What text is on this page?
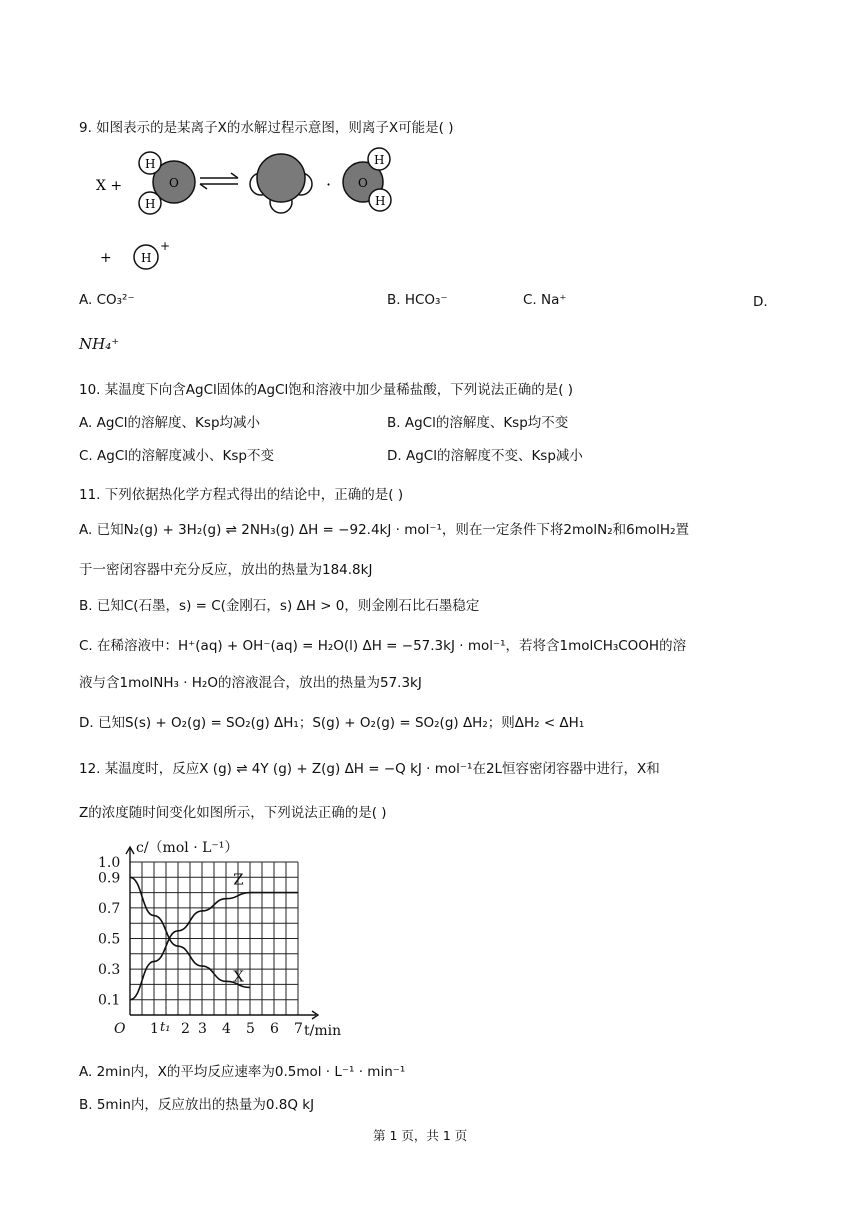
9. 如图表示的是某离子X的水解过程示意图，则离子X可能是( )
X +
H
H
O	·
H
H
O
+ H
+
A. CO₃²⁻	B. HCO₃⁻	C. Na⁺	D.
NH₄⁺
10. 某温度下向含AgCl固体的AgCl饱和溶液中加少量稀盐酸，下列说法正确的是( )
A. AgCl的溶解度、Ksp均减小	B. AgCl的溶解度、Ksp均不变
C. AgCl的溶解度减小、Ksp不变	D. AgCl的溶解度不变、Ksp减小
11. 下列依据热化学方程式得出的结论中，正确的是( )
A. 已知N₂(g) + 3H₂(g) ⇌ 2NH₃(g) ΔH = −92.4kJ · mol⁻¹，则在一定条件下将2molN₂和6molH₂置
于一密闭容器中充分反应，放出的热量为184.8kJ
B. 已知C(石墨，s) = C(金刚石，s) ΔH > 0，则金刚石比石墨稳定
C. 在稀溶液中：H⁺(aq) + OH⁻(aq) = H₂O(l) ΔH = −57.3kJ · mol⁻¹，若将含1molCH₃COOH的溶
液与含1molNH₃ · H₂O的溶液混合，放出的热量为57.3kJ
D. 已知S(s) + O₂(g) = SO₂(g) ΔH₁；S(g) + O₂(g) = SO₂(g) ΔH₂；则ΔH₂ < ΔH₁
12. 某温度时，反应X (g) ⇌ 4Y (g) + Z(g) ΔH = −Q kJ · mol⁻¹在2L恒容密闭容器中进行，X和
Z的浓度随时间变化如图所示，下列说法正确的是( )
Z
X
0.1
0.3
0.5
0.7
0.9
1.0
1 2 3 4 5 6 7
O	t₁	t/min
c/（mol · L⁻¹）
A. 2min内，X的平均反应速率为0.5mol · L⁻¹ · min⁻¹
B. 5min内，反应放出的热量为0.8Q kJ
第 1 页，共 1 页
